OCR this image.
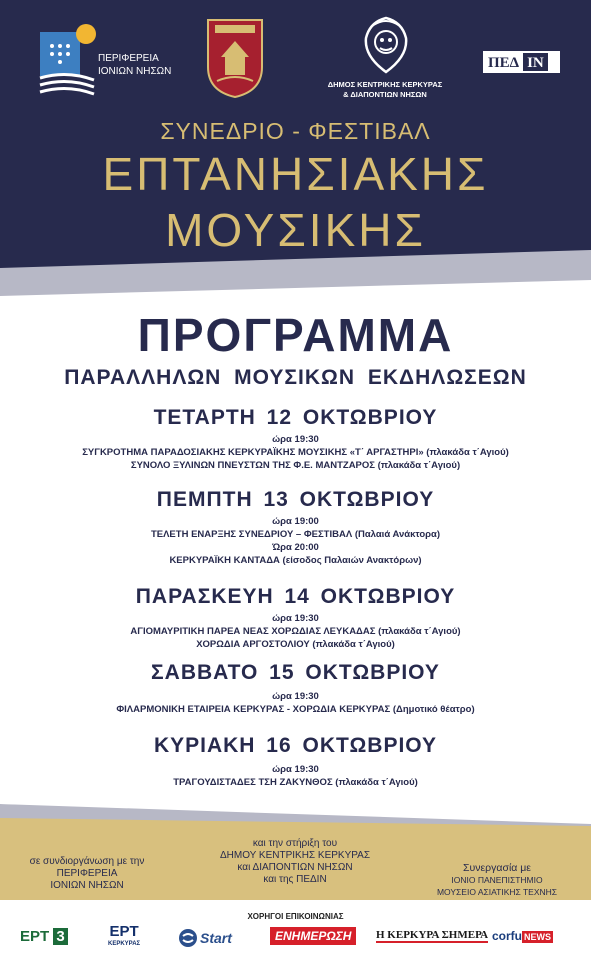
ΠΕΡΙΦΕΡΕΙΑ
ΙΟΝΙΩΝ ΝΗΣΩΝ
ΔΗΜΟΣ ΚΕΝΤΡΙΚΗΣ ΚΕΡΚΥΡΑΣ
& ΔΙΑΠΟΝΤΙΩΝ ΝΗΣΩΝ
ΠΕΔ IN
ΣΥΝΕΔΡΙΟ - ΦΕΣΤΙΒΑΛ
ΕΠΤΑΝΗΣΙΑΚΗΣ
ΜΟΥΣΙΚΗΣ
ΠΡΟΓΡΑΜΜΑ
ΠΑΡΑΛΛΗΛΩΝ ΜΟΥΣΙΚΩΝ ΕΚΔΗΛΩΣΕΩΝ
ΤΕΤΑΡΤΗ 12 ΟΚΤΩΒΡΙΟΥ
ώρα 19:30
ΣΥΓΚΡΟΤΗΜΑ ΠΑΡΑΔΟΣΙΑΚΗΣ ΚΕΡΚΥΡΑΪΚΗΣ ΜΟΥΣΙΚΗΣ «Τ΄ ΑΡΓΑΣΤΗΡΙ» (πλακάδα τ΄Αγιού)
ΣΥΝΟΛΟ ΞΥΛΙΝΩΝ ΠΝΕΥΣΤΩΝ ΤΗΣ Φ.Ε. ΜΑΝΤΖΑΡΟΣ (πλακάδα τ΄Αγιού)
ΠΕΜΠΤΗ 13 ΟΚΤΩΒΡΙΟΥ
ώρα 19:00
ΤΕΛΕΤΗ ΕΝΑΡΞΗΣ ΣΥΝΕΔΡΙΟΥ – ΦΕΣΤΙΒΑΛ (Παλαιά Ανάκτορα)
Ώρα 20:00
ΚΕΡΚΥΡΑΪΚΗ ΚΑΝΤΑΔΑ (είσοδος Παλαιών Ανακτόρων)
ΠΑΡΑΣΚΕΥΗ 14 ΟΚΤΩΒΡΙΟΥ
ώρα 19:30
ΑΓΙΟΜΑΥΡΙΤΙΚΗ ΠΑΡΕΑ ΝΕΑΣ ΧΟΡΩΔΙΑΣ ΛΕΥΚΑΔΑΣ (πλακάδα τ΄Αγιού)
ΧΟΡΩΔΙΑ ΑΡΓΟΣΤΟΛΙΟΥ (πλακάδα τ΄Αγιού)
ΣΑΒΒΑΤΟ 15 ΟΚΤΩΒΡΙΟΥ
ώρα 19:30
ΦΙΛΑΡΜΟΝΙΚΗ ΕΤΑΙΡΕΙΑ ΚΕΡΚΥΡΑΣ - ΧΟΡΩΔΙΑ ΚΕΡΚΥΡΑΣ (Δημοτικό θέατρο)
ΚΥΡΙΑΚΗ 16 ΟΚΤΩΒΡΙΟΥ
ώρα 19:30
ΤΡΑΓΟΥΔΙΣΤΑΔΕΣ ΤΣΗ ΖΑΚΥΝΘΟΣ (πλακάδα τ΄Αγιού)
σε συνδιοργάνωση με την
ΠΕΡΙΦΕΡΕΙΑ
ΙΟΝΙΩΝ ΝΗΣΩΝ
και την στήριξη του
ΔΗΜΟΥ ΚΕΝΤΡΙΚΗΣ ΚΕΡΚΥΡΑΣ
και ΔΙΑΠΟΝΤΙΩΝ ΝΗΣΩΝ
και της ΠΕΔΙΝ
Συνεργασία με
ΙΟΝΙΟ ΠΑΝΕΠΙΣΤΗΜΙΟ
ΜΟΥΣΕΙΟ ΑΣΙΑΤΙΚΗΣ ΤΕΧΝΗΣ
ΧΟΡΗΓΟΙ ΕΠΙΚΟΙΝΩΝΙΑΣ
ΕΡΤ 3	ΕΡΤ
ΚΕΡΚΥΡΑΣ	Start	ΕΝΗΜΕΡΩΣΗ	Η ΚΕΡΚΥΡΑ ΣΗΜΕΡΑ corfu NEWS
